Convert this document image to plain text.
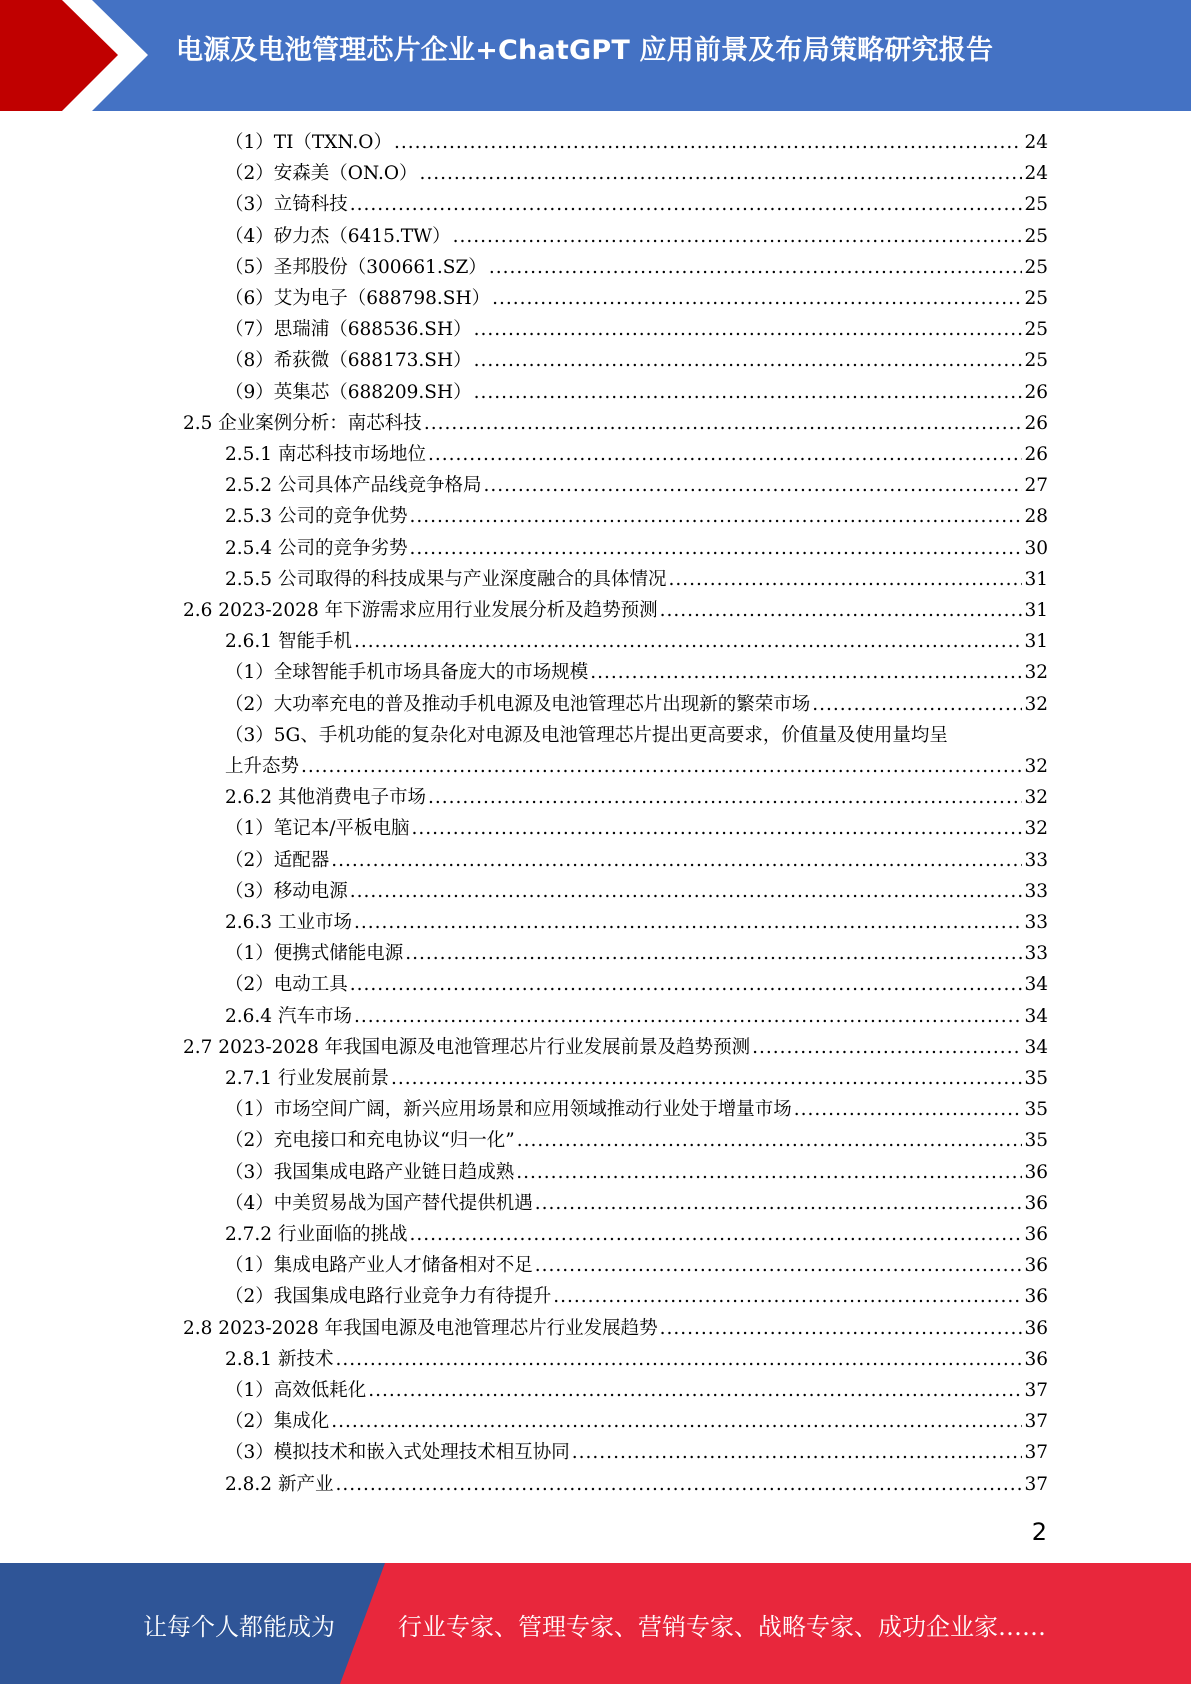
电源及电池管理芯片企业+ChatGPT 应用前景及布局策略研究报告
（1）TI（TXN.O） .....	24
（2）安森美（ON.O） .....	24
（3）立锜科技 .....	25
（4）矽力杰（6415.TW） .....	25
（5）圣邦股份（300661.SZ） .....	25
（6）艾为电子（688798.SH） .....	25
（7）思瑞浦（688536.SH） .....	25
（8）希荻微（688173.SH） .....	25
（9）英集芯（688209.SH） .....	26
2.5 企业案例分析：南芯科技 .....	26
2.5.1 南芯科技市场地位 .....	26
2.5.2 公司具体产品线竞争格局 .....	27
2.5.3 公司的竞争优势 .....	28
2.5.4 公司的竞争劣势 .....	30
2.5.5 公司取得的科技成果与产业深度融合的具体情况 .....	31
2.6 2023-2028 年下游需求应用行业发展分析及趋势预测 .....	31
2.6.1 智能手机 .....	31
（1）全球智能手机市场具备庞大的市场规模 .....	32
（2）大功率充电的普及推动手机电源及电池管理芯片出现新的繁荣市场 .....	32
（3）5G、手机功能的复杂化对电源及电池管理芯片提出更高要求，价值量及使用量均呈
上升态势 .....	32
2.6.2 其他消费电子市场 .....	32
（1）笔记本/平板电脑 .....	32
（2）适配器 .....	33
（3）移动电源 .....	33
2.6.3 工业市场 .....	33
（1）便携式储能电源 .....	33
（2）电动工具 .....	34
2.6.4 汽车市场 .....	34
2.7 2023-2028 年我国电源及电池管理芯片行业发展前景及趋势预测 .....	34
2.7.1 行业发展前景 .....	35
（1）市场空间广阔，新兴应用场景和应用领域推动行业处于增量市场 .....	35
（2）充电接口和充电协议“归一化” .....	35
（3）我国集成电路产业链日趋成熟 .....	36
（4）中美贸易战为国产替代提供机遇 .....	36
2.7.2 行业面临的挑战 .....	36
（1）集成电路产业人才储备相对不足 .....	36
（2）我国集成电路行业竞争力有待提升 .....	36
2.8 2023-2028 年我国电源及电池管理芯片行业发展趋势 .....	36
2.8.1 新技术 .....	36
（1）高效低耗化 .....	37
（2）集成化 .....	37
（3）模拟技术和嵌入式处理技术相互协同 .....	37
2.8.2 新产业 .....	37
2
让每个人都能成为	行业专家、管理专家、营销专家、战略专家、成功企业家……
